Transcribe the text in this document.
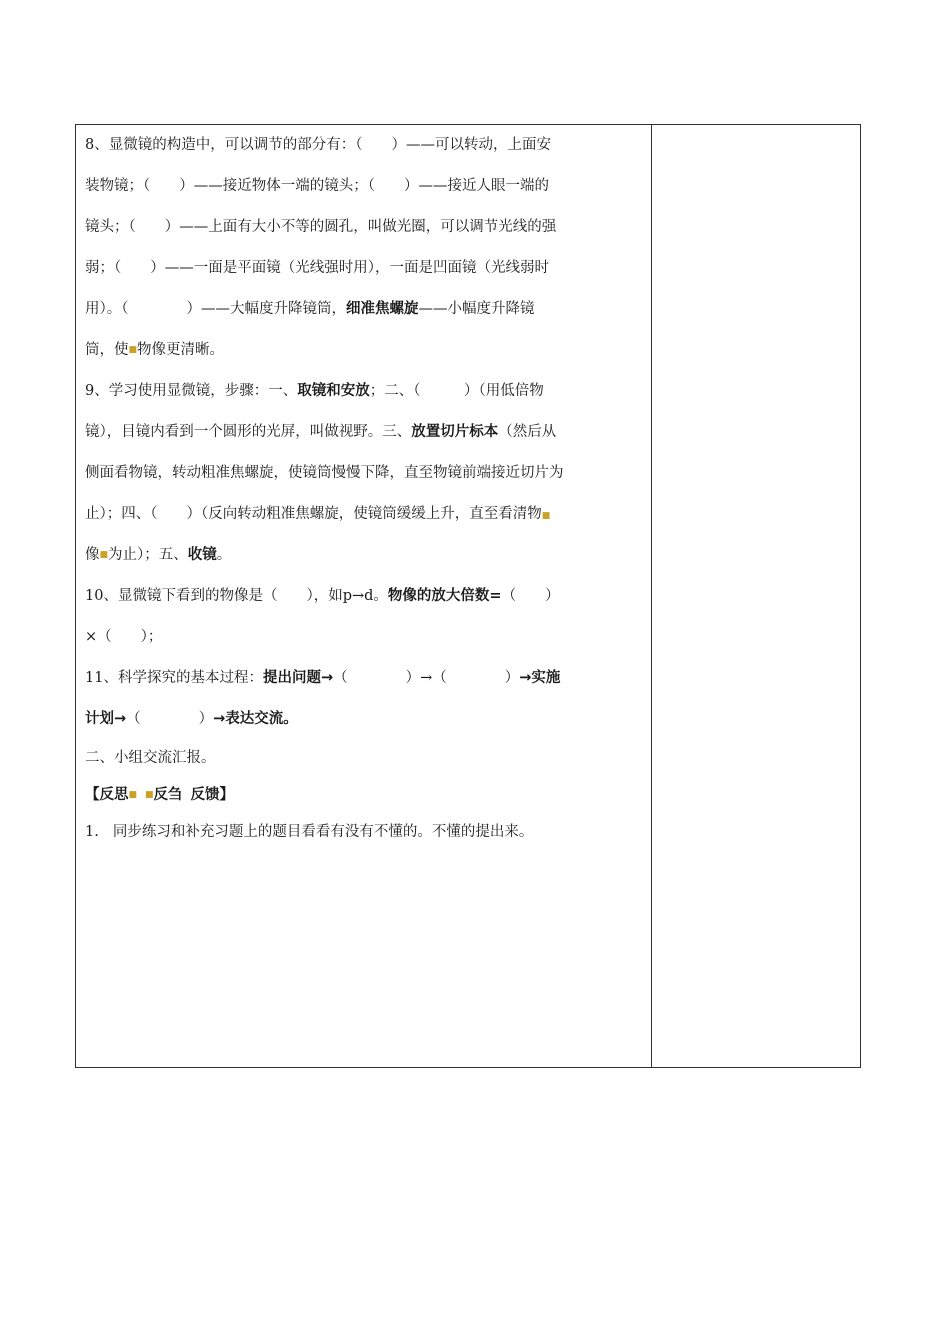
8、显微镜的构造中，可以调节的部分有：（　　）——可以转动，上面安
装物镜；（　　）——接近物体一端的镜头；（　　）——接近人眼一端的
镜头；（　　）——上面有大小不等的圆孔，叫做光圈，可以调节光线的强
弱；（　　）——一面是平面镜（光线强时用），一面是凹面镜（光线弱时
用）。（　　　　）——大幅度升降镜筒，细准焦螺旋——小幅度升降镜
筒，使 ■ 物像更清晰。
9、学习使用显微镜，步骤：一、取镜和安放；二、（　　　）（用低倍物
镜），目镜内看到一个圆形的光屏，叫做视野。三、放置切片标本（然后从
侧面看物镜，转动粗准焦螺旋，使镜筒慢慢下降，直至物镜前端接近切片为
止）；四、（　　）（反向转动粗准焦螺旋，使镜筒缓缓上升，直至看清物■
像 ■ 为止）；五、 收镜 。
10、显微镜下看到的物像是（　　），如p→d。物像的放大倍数=（　　）
×（　　）；
11、科学探究的基本过程：提出问题→（　　　　）→（　　　　）→实施
计划→ （　　　　） →表达交流。
二、小组交流汇报。
【反思 ■ ■ 反刍 反馈】
1. 同步练习和补充习题上的题目看看有没有不懂的。不懂的提出来。
